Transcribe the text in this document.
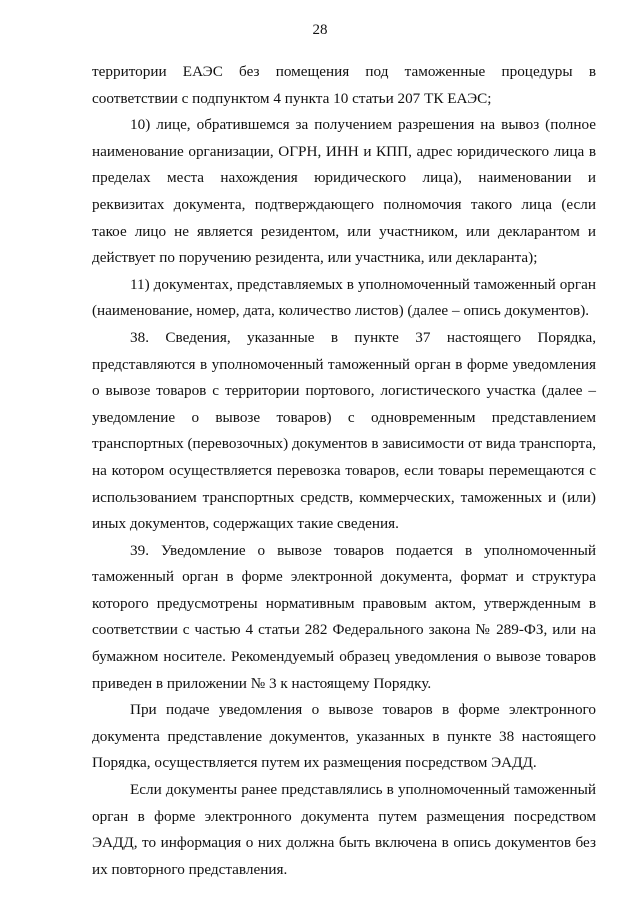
28

территории ЕАЭС без помещения под таможенные процедуры в соответствии с подпунктом 4 пункта 10 статьи 207 ТК ЕАЭС;

10) лице, обратившемся за получением разрешения на вывоз (полное наименование организации, ОГРН, ИНН и КПП, адрес юридического лица в пределах места нахождения юридического лица), наименовании и реквизитах документа, подтверждающего полномочия такого лица (если такое лицо не является резидентом, или участником, или декларантом и действует по поручению резидента, или участника, или декларанта);

11) документах, представляемых в уполномоченный таможенный орган (наименование, номер, дата, количество листов) (далее – опись документов).

38. Сведения, указанные в пункте 37 настоящего Порядка, представляются в уполномоченный таможенный орган в форме уведомления о вывозе товаров с территории портового, логистического участка (далее – уведомление о вывозе товаров) с одновременным представлением транспортных (перевозочных) документов в зависимости от вида транспорта, на котором осуществляется перевозка товаров, если товары перемещаются с использованием транспортных средств, коммерческих, таможенных и (или) иных документов, содержащих такие сведения.

39. Уведомление о вывозе товаров подается в уполномоченный таможенный орган в форме электронной документа, формат и структура которого предусмотрены нормативным правовым актом, утвержденным в соответствии с частью 4 статьи 282 Федерального закона № 289-ФЗ, или на бумажном носителе. Рекомендуемый образец уведомления о вывозе товаров приведен в приложении № 3 к настоящему Порядку.

При подаче уведомления о вывозе товаров в форме электронного документа представление документов, указанных в пункте 38 настоящего Порядка, осуществляется путем их размещения посредством ЭАДД.

Если документы ранее представлялись в уполномоченный таможенный орган в форме электронного документа путем размещения посредством ЭАДД, то информация о них должна быть включена в опись документов без их повторного представления.
